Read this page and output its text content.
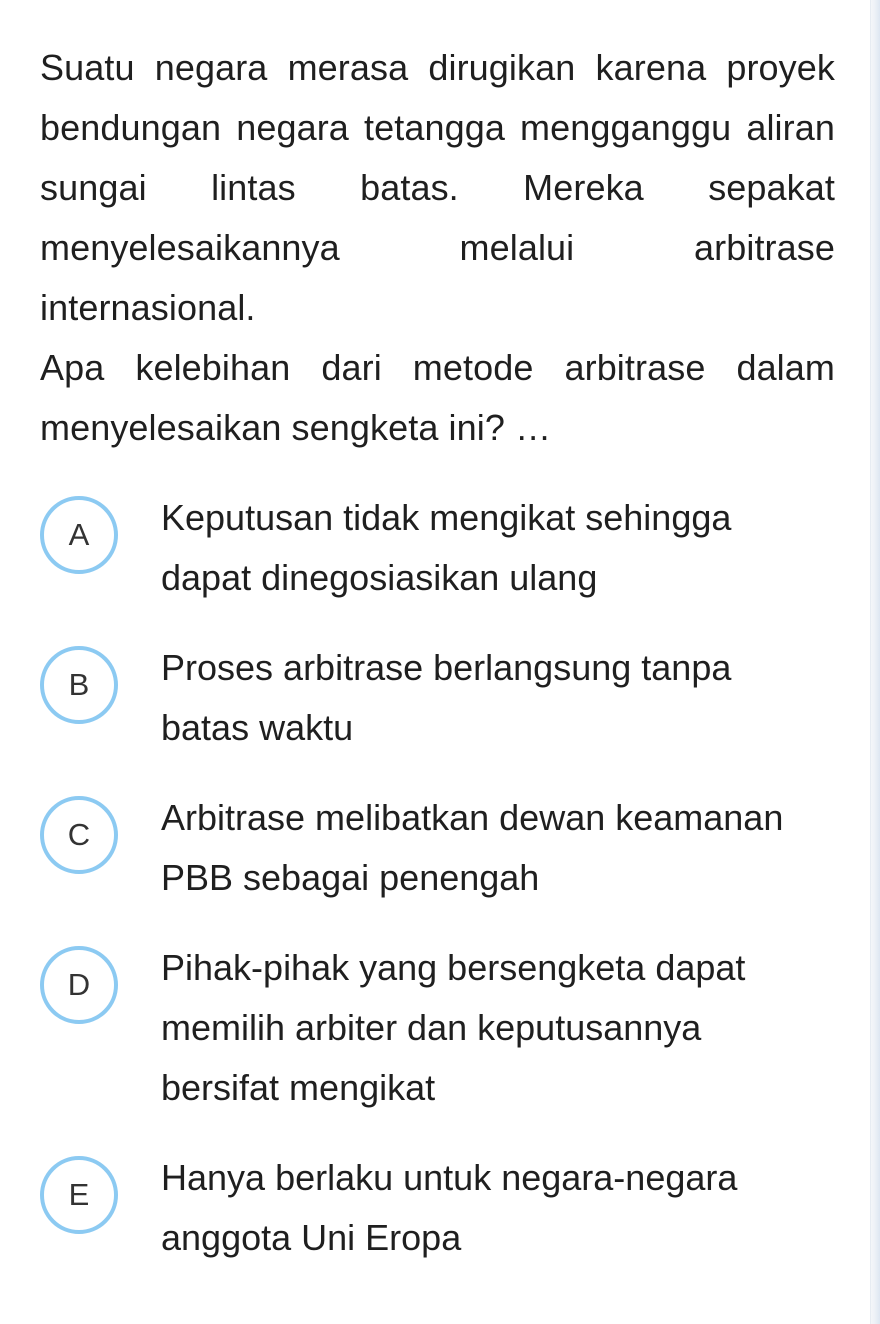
Suatu negara merasa dirugikan karena proyek bendungan negara tetangga mengganggu aliran sungai lintas batas. Mereka sepakat menyelesaikannya melalui arbitrase internasional.

Apa kelebihan dari metode arbitrase dalam menyelesaikan sengketa ini? …

A Keputusan tidak mengikat sehingga dapat dinegosiasikan ulang
B Proses arbitrase berlangsung tanpa batas waktu
C Arbitrase melibatkan dewan keamanan PBB sebagai penengah
D Pihak-pihak yang bersengketa dapat memilih arbiter dan keputusannya bersifat mengikat
E Hanya berlaku untuk negara-negara anggota Uni Eropa
